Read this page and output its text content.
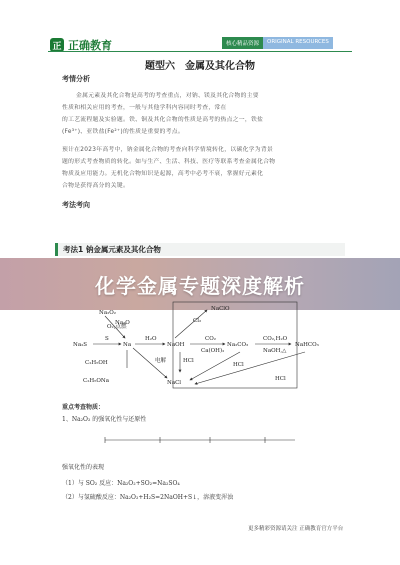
正 正确教育	核心精品资源	ORIGINAL RESOURCES
题型六　金属及其化合物
考情分析
金属元素及其化合物是高考的考查重点，对钠、镁及其化合物的主要
性质和相关应用的考查，一般与其他学科内容同时考查，常在
的工艺流程题及实验题。铁、铜及其化合物的性质是高考的热点之一，铁盐
(Fe³⁺)、亚铁盐(Fe²⁺)的性质是重要的考点。
预计在2023年高考中，钠金属化合物的考查向科学情境转化，以碳化学为背景
题的形式考查物质的转化。如与生产、生活、科技、医疗等联系考查金属化合物
物质及应用能力。无机化合物知识是起源，高考中必考不衰，掌握好元素化
合物是获得高分的关键。
考法考向
考法1 钠金属元素及其化合物
化学金属专题深度解析
Na₂O₂
O₂,点燃
Na₂S
S
Na
H₂O
Na₂O
NaOH
CO₂
Ca(OH)₂
Na₂CO₃
CO₂,H₂O
NaOH,△
NaHCO₃
Cl₂
NaClO
HCl
HCl
HCl
电解
NaCl
C₂H₅OH
C₂H₅ONa
重点考查物质：
1、Na₂O₂ 的强氧化性与还原性
强氧化性的表现
（1）与 SO₂ 反应：Na₂O₂+SO₂=Na₂SO₄
（2）与氢硫酸反应：Na₂O₂+H₂S=2NaOH+S↓，溶液变浑浊
更多精彩资源请关注 正确教育官方平台
